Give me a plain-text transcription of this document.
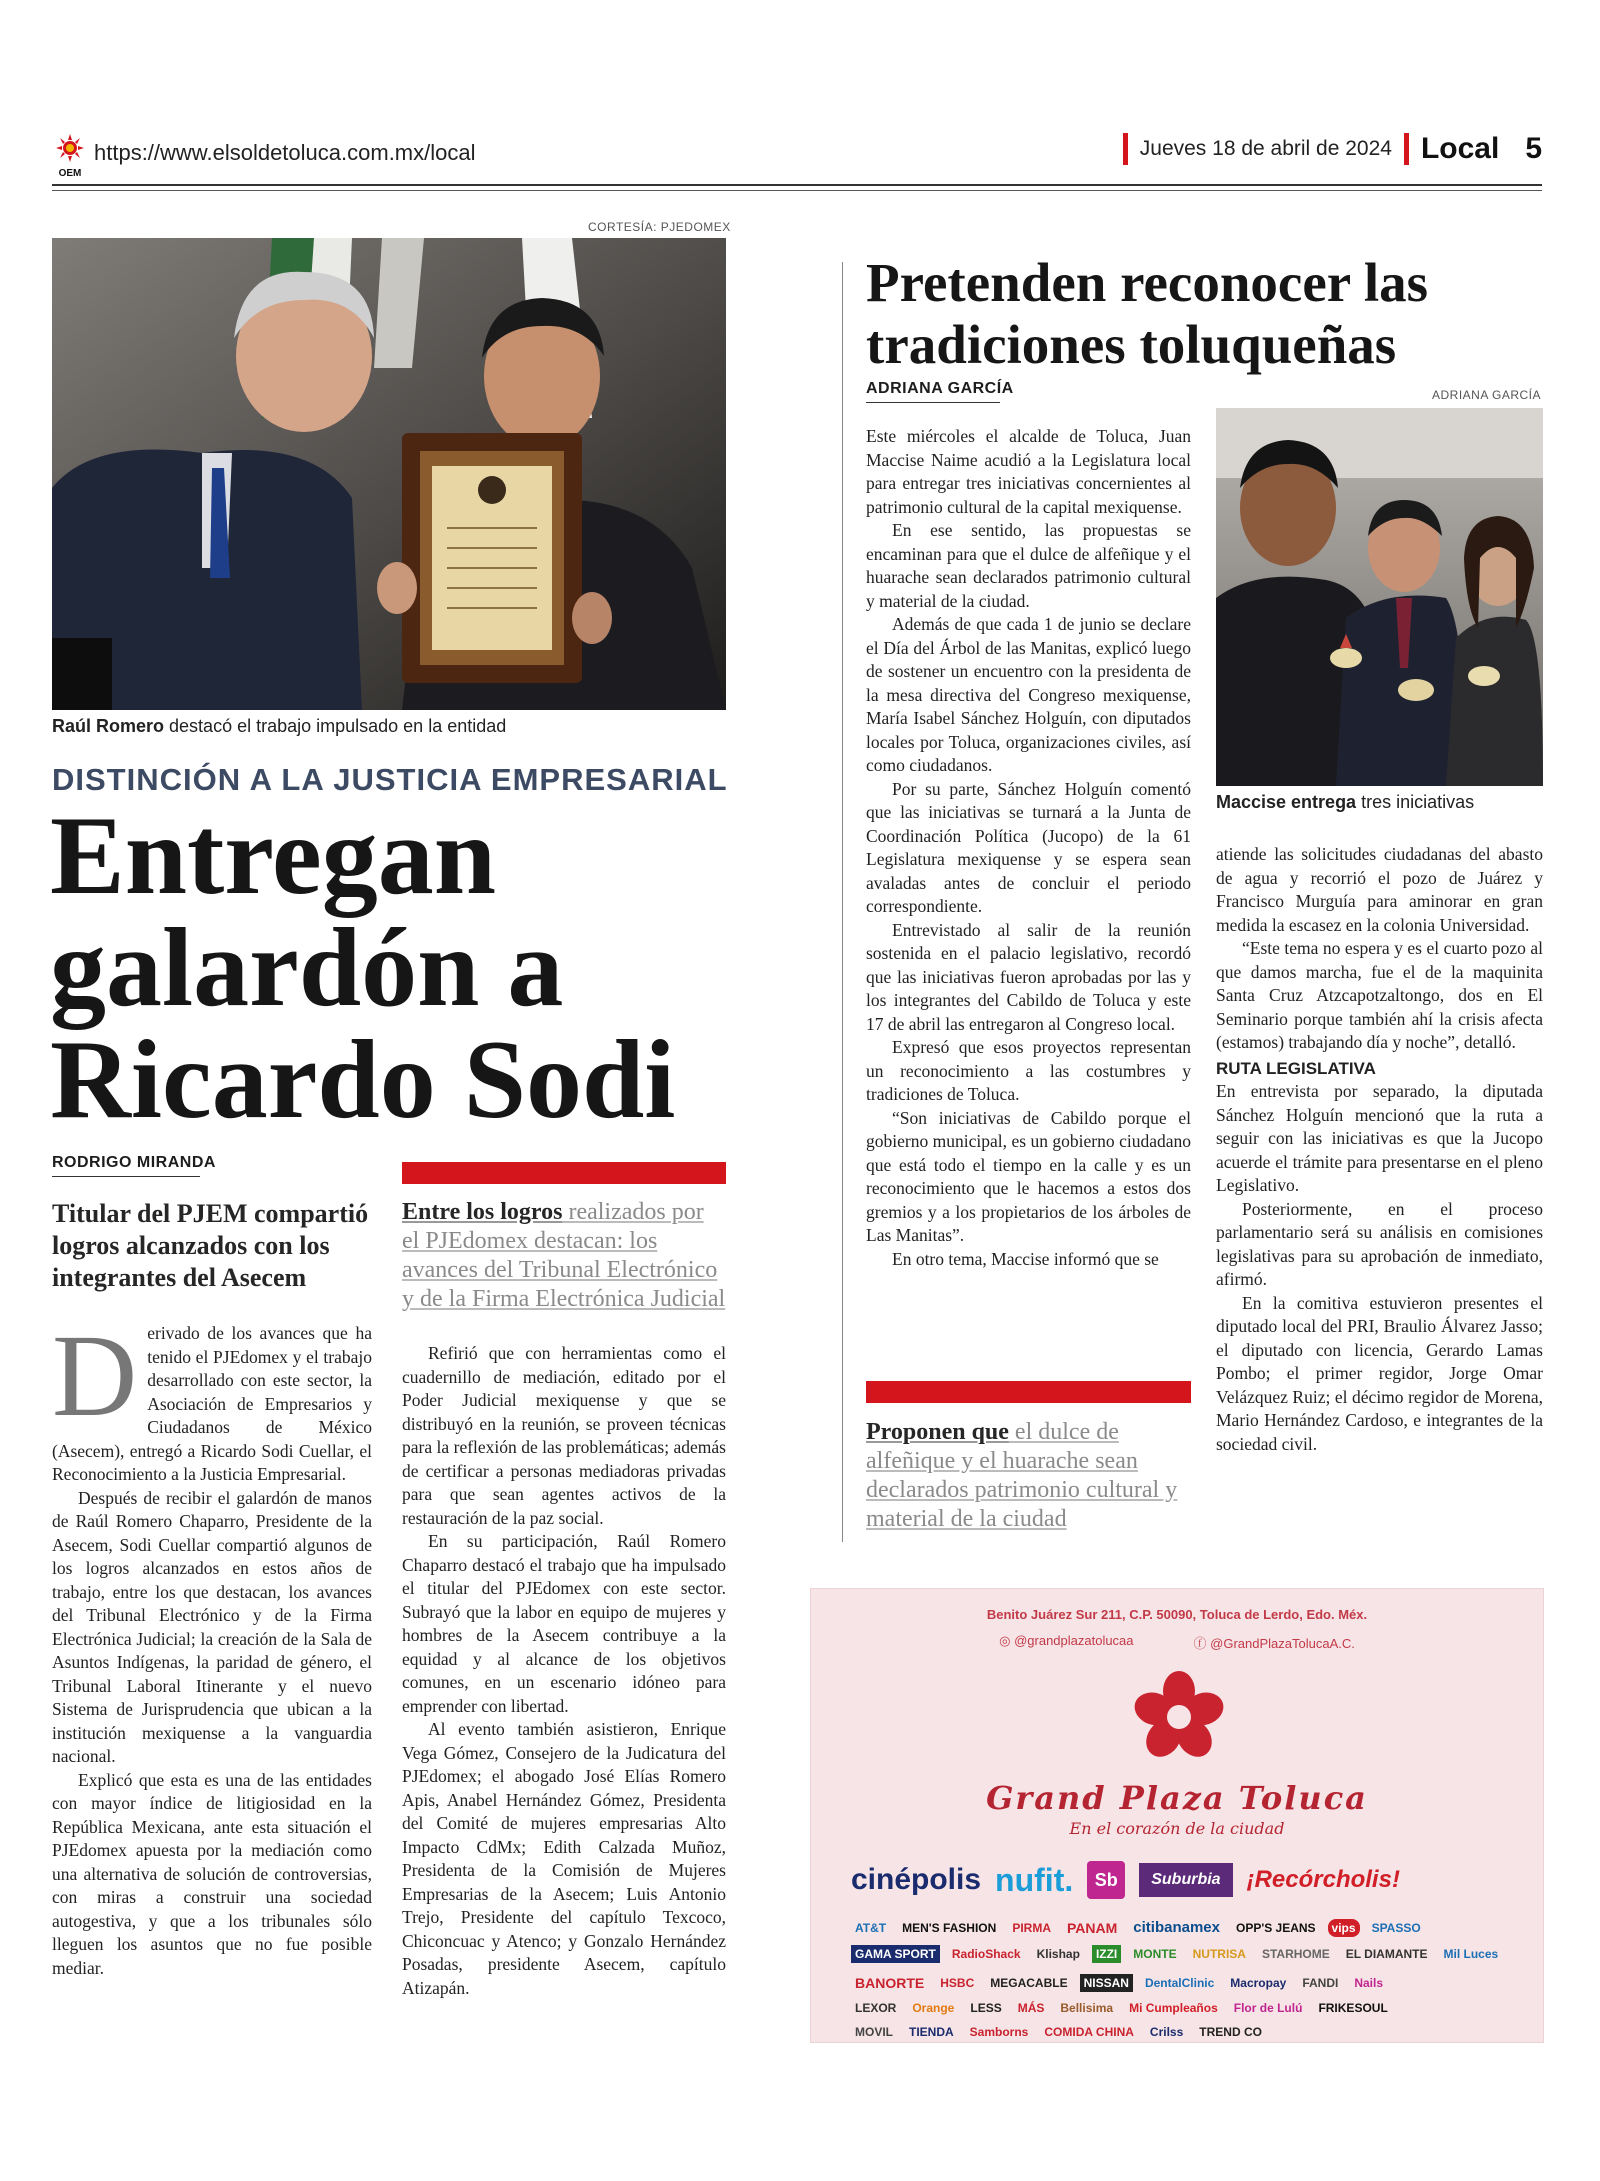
OEM
https://www.elsoldetoluca.com.mx/local	Jueves 18 de abril de 2024 Local 5
CORTESÍA: PJEDOMEX
Raúl Romero destacó el trabajo impulsado en la entidad
DISTINCIÓN A LA JUSTICIA EMPRESARIAL
Entregan
galardón a
Ricardo Sodi
RODRIGO MIRANDA
Titular del PJEM compartió logros alcanzados con los integrantes del Asecem
Entre los logros realizados por el PJEdomex destacan: los avances del Tribunal Electrónico y de la Firma Electrónica Judicial

Derivado de los avances que ha tenido el PJEdomex y el trabajo desarrollado con este sector, la Asociación de Empresarios y Ciudadanos de México (Asecem), entregó a Ricardo Sodi Cuellar, el Reconocimiento a la Justicia Empresarial.

Después de recibir el galardón de manos de Raúl Romero Chaparro, Presidente de la Asecem, Sodi Cuellar compartió algunos de los logros alcanzados en estos años de trabajo, entre los que destacan, los avances del Tribunal Electrónico y de la Firma Electrónica Judicial; la creación de la Sala de Asuntos Indígenas, la paridad de género, el Tribunal Laboral Itinerante y el nuevo Sistema de Jurisprudencia que ubican a la institución mexiquense a la vanguardia nacional.

Explicó que esta es una de las entidades con mayor índice de litigiosidad en la República Mexicana, ante esta situación el PJEdomex apuesta por la mediación como una alternativa de solución de controversias, con miras a construir una sociedad autogestiva, y que a los tribunales sólo lleguen los asuntos que no fue posible mediar.

Refirió que con herramientas como el cuadernillo de mediación, editado por el Poder Judicial mexiquense y que se distribuyó en la reunión, se proveen técnicas para la reflexión de las problemáticas; además de certificar a personas mediadoras privadas para que sean agentes activos de la restauración de la paz social.

En su participación, Raúl Romero Chaparro destacó el trabajo que ha impulsado el titular del PJEdomex con este sector. Subrayó que la labor en equipo de mujeres y hombres de la Asecem contribuye a la equidad y al alcance de los objetivos comunes, en un escenario idóneo para emprender con libertad.

Al evento también asistieron, Enrique Vega Gómez, Consejero de la Judicatura del PJEdomex; el abogado José Elías Romero Apis, Anabel Hernández Gómez, Presidenta del Comité de mujeres empresarias Alto Impacto CdMx; Edith Calzada Muñoz, Presidenta de la Comisión de Mujeres Empresarias de la Asecem; Luis Antonio Trejo, Presidente del capítulo Texcoco, Chiconcuac y Atenco; y Gonzalo Hernández Posadas, presidente Asecem, capítulo Atizapán.

Pretenden reconocer las tradiciones toluqueñas
ADRIANA GARCÍA	ADRIANA GARCÍA
Maccise entrega tres iniciativas

Este miércoles el alcalde de Toluca, Juan Maccise Naime acudió a la Legislatura local para entregar tres iniciativas concernientes al patrimonio cultural de la capital mexiquense.

En ese sentido, las propuestas se encaminan para que el dulce de alfeñique y el huarache sean declarados patrimonio cultural y material de la ciudad.

Además de que cada 1 de junio se declare el Día del Árbol de las Manitas, explicó luego de sostener un encuentro con la presidenta de la mesa directiva del Congreso mexiquense, María Isabel Sánchez Holguín, con diputados locales por Toluca, organizaciones civiles, así como ciudadanos.

Por su parte, Sánchez Holguín comentó que las iniciativas se turnará a la Junta de Coordinación Política (Jucopo) de la 61 Legislatura mexiquense y se espera sean avaladas antes de concluir el periodo correspondiente.

Entrevistado al salir de la reunión sostenida en el palacio legislativo, recordó que las iniciativas fueron aprobadas por las y los integrantes del Cabildo de Toluca y este 17 de abril las entregaron al Congreso local.

Expresó que esos proyectos representan un reconocimiento a las costumbres y tradiciones de Toluca.

“Son iniciativas de Cabildo porque el gobierno municipal, es un gobierno ciudadano que está todo el tiempo en la calle y es un reconocimiento que le hacemos a estos dos gremios y a los propietarios de los árboles de Las Manitas”.

En otro tema, Maccise informó que se

atiende las solicitudes ciudadanas del abasto de agua y recorrió el pozo de Juárez y Francisco Murguía para aminorar en gran medida la escasez en la colonia Universidad.

“Este tema no espera y es el cuarto pozo al que damos marcha, fue el de la maquinita Santa Cruz Atzcapotzaltongo, dos en El Seminario porque también ahí la crisis afecta (estamos) trabajando día y noche”, detalló.

RUTA LEGISLATIVA

En entrevista por separado, la diputada Sánchez Holguín mencionó que la ruta a seguir con las iniciativas es que la Jucopo acuerde el trámite para presentarse en el pleno Legislativo.

Posteriormente, en el proceso parlamentario será su análisis en comisiones legislativas para su aprobación de inmediato, afirmó.

En la comitiva estuvieron presentes el diputado local del PRI, Braulio Álvarez Jasso; el diputado con licencia, Gerardo Lamas Pombo; el primer regidor, Jorge Omar Velázquez Ruiz; el décimo regidor de Morena, Mario Hernández Cardoso, e integrantes de la sociedad civil.

Proponen que el dulce de alfeñique y el huarache sean declarados patrimonio cultural y material de la ciudad
Benito Juárez Sur 211, C.P. 50090, Toluca de Lerdo, Edo. Méx.
◎ @grandplazatolucaa	ⓕ @GrandPlazaTolucaA.C.
Grand Plaza Toluca
En el corazón de la ciudad
cinépolis nufit.	Sb	Suburbia	¡Recórcholis!
AT&T	MEN'S FASHION	PIRMA PANAM citibanamex	OPP'S JEANS	vips	SPASSO
GAMA SPORT	RadioShack	Klishap	IZZI	MONTE	NUTRISA	STARHOME	EL DIAMANTE	Mil Luces
BANORTE	HSBC	MEGACABLE	NISSAN	DentalClinic	Macropay	FANDI	Nails
LEXOR	Orange	LESS	MÁS	Bellisima	Mi Cumpleaños	Flor de Lulú	FRIKESOUL
MOVIL	TIENDA	Samborns	COMIDA CHINA	Crilss	TREND CO
